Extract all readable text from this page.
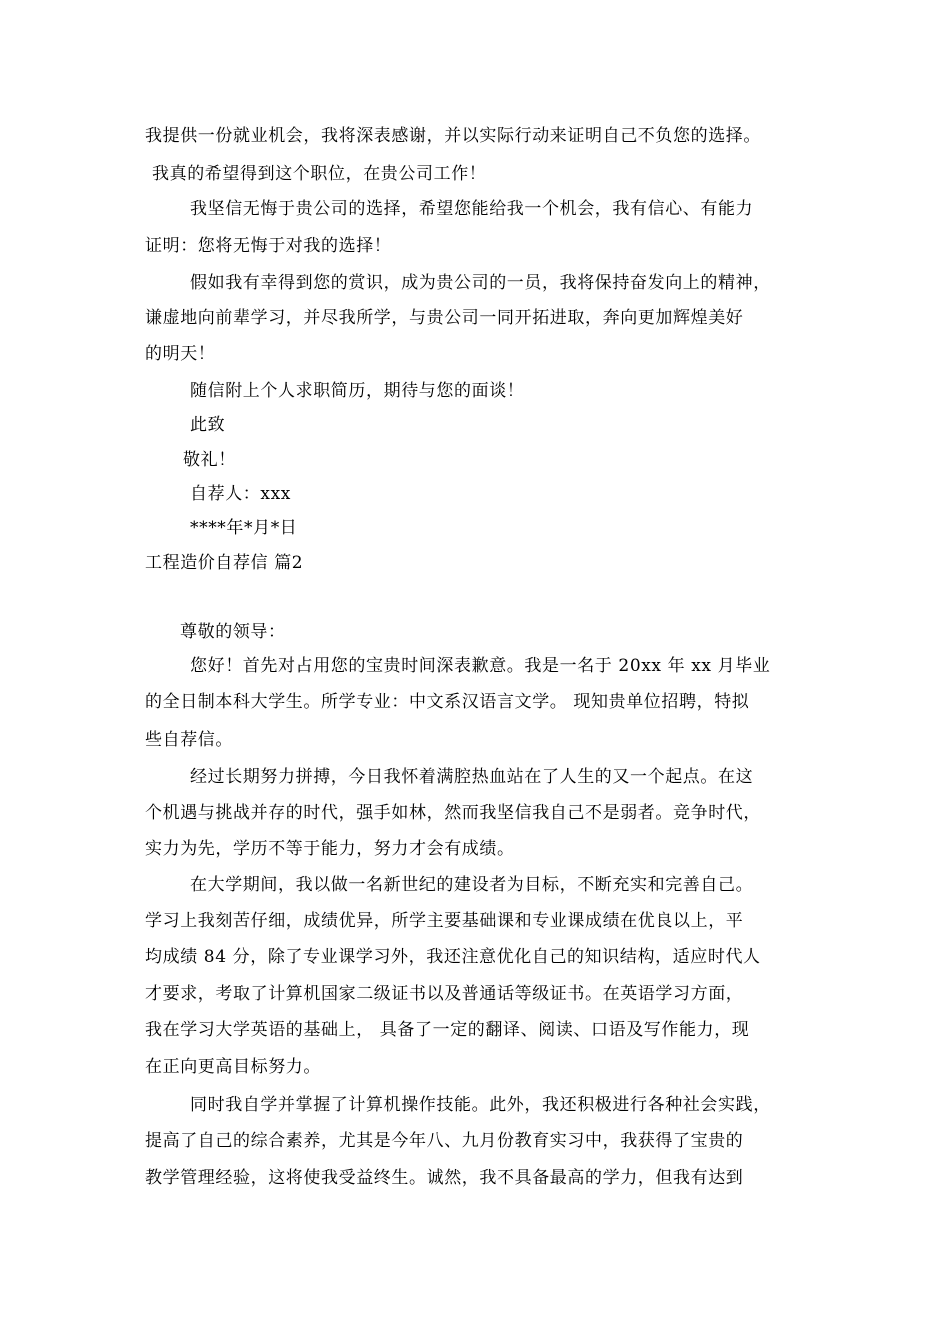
我提供一份就业机会，我将深表感谢，并以实际行动来证明自己不负您的选择。
我真的希望得到这个职位，在贵公司工作！
我坚信无悔于贵公司的选择，希望您能给我一个机会，我有信心、有能力
证明：您将无悔于对我的选择！
假如我有幸得到您的赏识，成为贵公司的一员，我将保持奋发向上的精神，
谦虚地向前辈学习，并尽我所学，与贵公司一同开拓进取，奔向更加辉煌美好
的明天！
随信附上个人求职简历，期待与您的面谈！
此致
敬礼！
自荐人：xxx
****年*月*日
工程造价自荐信 篇2
尊敬的领导：
您好！首先对占用您的宝贵时间深表歉意。我是一名于 20xx 年 xx 月毕业
的全日制本科大学生。所学专业：中文系汉语言文学。 现知贵单位招聘，特拟
些自荐信。
经过长期努力拼搏，今日我怀着满腔热血站在了人生的又一个起点。在这
个机遇与挑战并存的时代，强手如林，然而我坚信我自己不是弱者。竞争时代，
实力为先，学历不等于能力，努力才会有成绩。
在大学期间，我以做一名新世纪的建设者为目标，不断充实和完善自己。
学习上我刻苦仔细，成绩优异，所学主要基础课和专业课成绩在优良以上，平
均成绩 84 分，除了专业课学习外，我还注意优化自己的知识结构，适应时代人
才要求，考取了计算机国家二级证书以及普通话等级证书。在英语学习方面，
我在学习大学英语的基础上， 具备了一定的翻译、阅读、口语及写作能力，现
在正向更高目标努力。
同时我自学并掌握了计算机操作技能。此外，我还积极进行各种社会实践，
提高了自己的综合素养，尤其是今年八、九月份教育实习中，我获得了宝贵的
教学管理经验，这将使我受益终生。诚然，我不具备最高的学力，但我有达到
